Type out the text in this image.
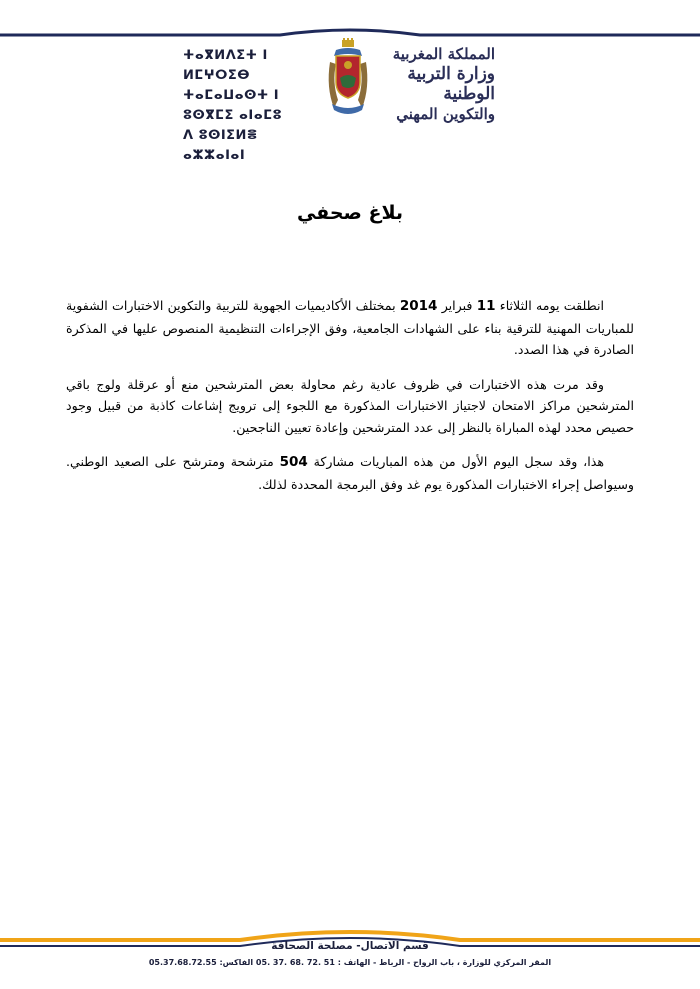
ⵜⴰⴳⵍⴷⵉⵜ ⵏ ⵍⵎⵖⵔⵉⴱ
ⵜⴰⵎⴰⵡⴰⵙⵜ ⵏ ⵓⵙⴳⵎⵉ ⴰⵏⴰⵎⵓ
ⴷ ⵓⵙⵏⵉⵍⴻ ⴰⵣⵣⴰⵏⴰⵏ
المملكة المغربية
وزارة التربية الوطنية
والتكوين المهني
بلاغ صحفي

انطلقت يومه الثلاثاء 11 فبراير 2014 بمختلف الأكاديميات الجهوية للتربية والتكوين الاختبارات الشفوية للمباريات المهنية للترقية بناء على الشهادات الجامعية، وفق الإجراءات التنظيمية المنصوص عليها في المذكرة الصادرة في هذا الصدد.

وقد مرت هذه الاختبارات في ظروف عادية رغم محاولة بعض المترشحين منع أو عرقلة ولوج باقي المترشحين مراكز الامتحان لاجتياز الاختبارات المذكورة مع اللجوء إلى ترويج إشاعات كاذبة من قبيل وجود حصيص محدد لهذه المباراة بالنظر إلى عدد المترشحين وإعادة تعيين الناجحين.

هذا، وقد سجل اليوم الأول من هذه المباريات مشاركة 504 مترشحة ومترشح على الصعيد الوطني. وسيواصل إجراء الاختبارات المذكورة يوم غد وفق البرمجة المحددة لذلك.

قسم الاتصال- مصلحة الصحافة
المقر المركزي للوزارة ، باب الرواح - الرباط - الهاتف : 51 .72 .68 .37 .05 الفاكس: 05.37.68.72.55
